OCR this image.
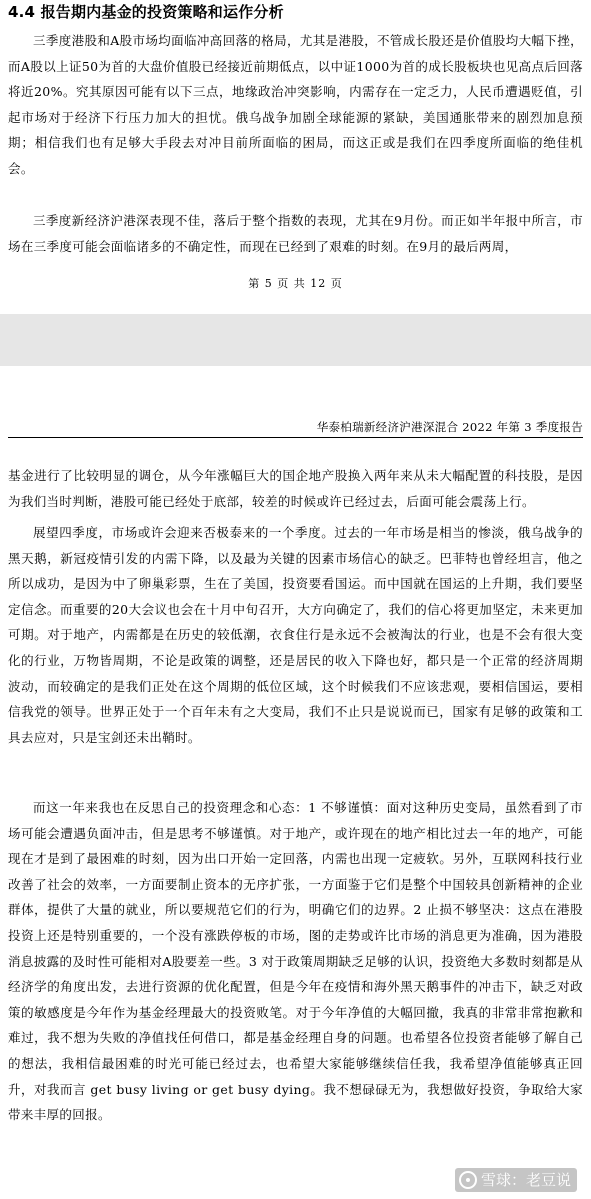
4.4 报告期内基金的投资策略和运作分析

三季度港股和A股市场均面临冲高回落的格局，尤其是港股，不管成长股还是价值股均大幅下挫，而A股以上证50为首的大盘价值股已经接近前期低点，以中证1000为首的成长股板块也见高点后回落将近20%。究其原因可能有以下三点，地缘政治冲突影响，内需存在一定乏力，人民币遭遇贬值，引起市场对于经济下行压力加大的担忧。俄乌战争加剧全球能源的紧缺，美国通胀带来的剧烈加息预期；相信我们也有足够大手段去对冲目前所面临的困局，而这正或是我们在四季度所面临的绝佳机会。

三季度新经济沪港深表现不佳，落后于整个指数的表现，尤其在9月份。而正如半年报中所言，市场在三季度可能会面临诸多的不确定性，而现在已经到了艰难的时刻。在9月的最后两周，

第 5 页 共 12 页
华泰柏瑞新经济沪港深混合 2022 年第 3 季度报告

基金进行了比较明显的调仓，从今年涨幅巨大的国企地产股换入两年来从未大幅配置的科技股，是因为我们当时判断，港股可能已经处于底部，较差的时候或许已经过去，后面可能会震荡上行。

展望四季度，市场或许会迎来否极泰来的一个季度。过去的一年市场是相当的惨淡，俄乌战争的黑天鹅，新冠疫情引发的内需下降，以及最为关键的因素市场信心的缺乏。巴菲特也曾经坦言，他之所以成功，是因为中了卵巢彩票，生在了美国，投资要看国运。而中国就在国运的上升期，我们要坚定信念。而重要的20大会议也会在十月中旬召开，大方向确定了，我们的信心将更加坚定，未来更加可期。对于地产，内需都是在历史的较低潮，衣食住行是永远不会被淘汰的行业，也是不会有很大变化的行业，万物皆周期，不论是政策的调整，还是居民的收入下降也好，都只是一个正常的经济周期波动，而较确定的是我们正处在这个周期的低位区域，这个时候我们不应该悲观，要相信国运，要相信我党的领导。世界正处于一个百年未有之大变局，我们不止只是说说而已，国家有足够的政策和工具去应对，只是宝剑还未出鞘时。

而这一年来我也在反思自己的投资理念和心态：1 不够谨慎：面对这种历史变局，虽然看到了市场可能会遭遇负面冲击，但是思考不够谨慎。对于地产，或许现在的地产相比过去一年的地产，可能现在才是到了最困难的时刻，因为出口开始一定回落，内需也出现一定疲软。另外，互联网科技行业改善了社会的效率，一方面要制止资本的无序扩张，一方面鉴于它们是整个中国较具创新精神的企业群体，提供了大量的就业，所以要规范它们的行为，明确它们的边界。2 止损不够坚决：这点在港股投资上还是特别重要的，一个没有涨跌停板的市场，图的走势或许比市场的消息更为准确，因为港股消息披露的及时性可能相对A股要差一些。3 对于政策周期缺乏足够的认识，投资绝大多数时刻都是从经济学的角度出发，去进行资源的优化配置，但是今年在疫情和海外黑天鹅事件的冲击下，缺乏对政策的敏感度是今年作为基金经理最大的投资败笔。对于今年净值的大幅回撤，我真的非常非常抱歉和难过，我不想为失败的净值找任何借口，都是基金经理自身的问题。也希望各位投资者能够了解自己的想法，我相信最困难的时光可能已经过去，也希望大家能够继续信任我，我希望净值能够真正回升，对我而言 get busy living or get busy dying。我不想碌碌无为，我想做好投资，争取给大家带来丰厚的回报。

雪球：老豆说
